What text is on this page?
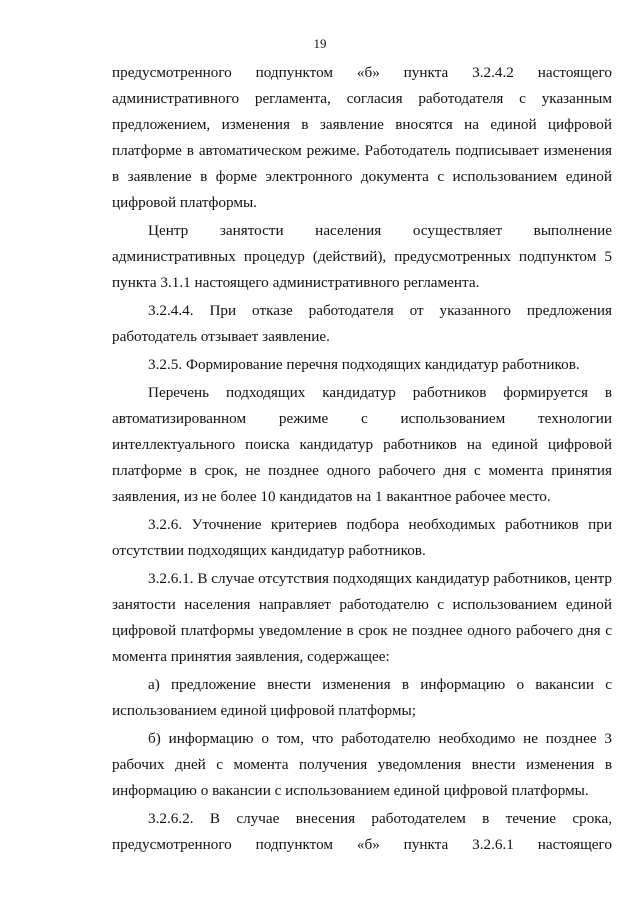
19

предусмотренного подпунктом «б» пункта 3.2.4.2 настоящего административного регламента, согласия работодателя с указанным предложением, изменения в заявление вносятся на единой цифровой платформе в автоматическом режиме. Работодатель подписывает изменения в заявление в форме электронного документа с использованием единой цифровой платформы.

Центр занятости населения осуществляет выполнение административных процедур (действий), предусмотренных подпунктом 5 пункта 3.1.1 настоящего административного регламента.

3.2.4.4. При отказе работодателя от указанного предложения работодатель отзывает заявление.

3.2.5. Формирование перечня подходящих кандидатур работников.

Перечень подходящих кандидатур работников формируется в автоматизированном режиме с использованием технологии интеллектуального поиска кандидатур работников на единой цифровой платформе в срок, не позднее одного рабочего дня с момента принятия заявления, из не более 10 кандидатов на 1 вакантное рабочее место.

3.2.6. Уточнение критериев подбора необходимых работников при отсутствии подходящих кандидатур работников.

3.2.6.1. В случае отсутствия подходящих кандидатур работников, центр занятости населения направляет работодателю с использованием единой цифровой платформы уведомление в срок не позднее одного рабочего дня с момента принятия заявления, содержащее:

а) предложение внести изменения в информацию о вакансии с использованием единой цифровой платформы;

б) информацию о том, что работодателю необходимо не позднее 3 рабочих дней с момента получения уведомления внести изменения в информацию о вакансии с использованием единой цифровой платформы.

3.2.6.2. В случае внесения работодателем в течение срока, предусмотренного подпунктом «б» пункта 3.2.6.1 настоящего
